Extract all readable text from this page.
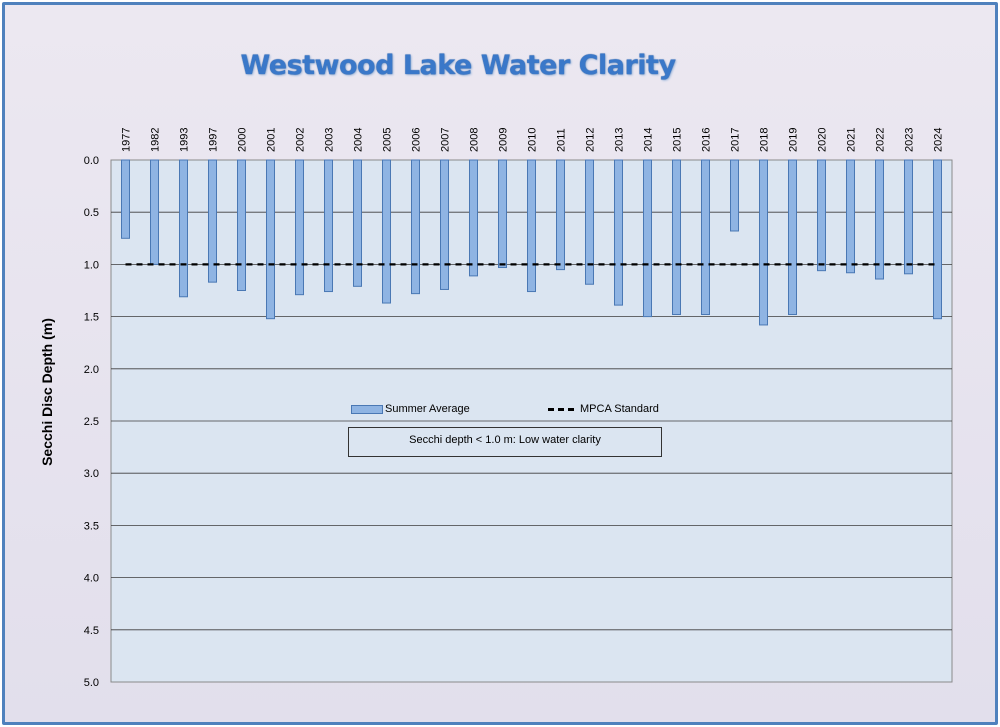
Westwood Lake Water Clarity
0.0
0.5
1.0
1.5
2.0
2.5
3.0
3.5
4.0
4.5
5.0
1977 1982 1993 1997 2000 2001 2002 2003 2004 2005 2006 2007 2008 2009 2010 2011 2012 2013 2014 2015 2016 2017 2018 2019 2020 2021 2022 2023 2024
Secchi Disc Depth (m)	Summer Average	MPCA Standard
Secchi depth < 1.0 m: Low water clarity
